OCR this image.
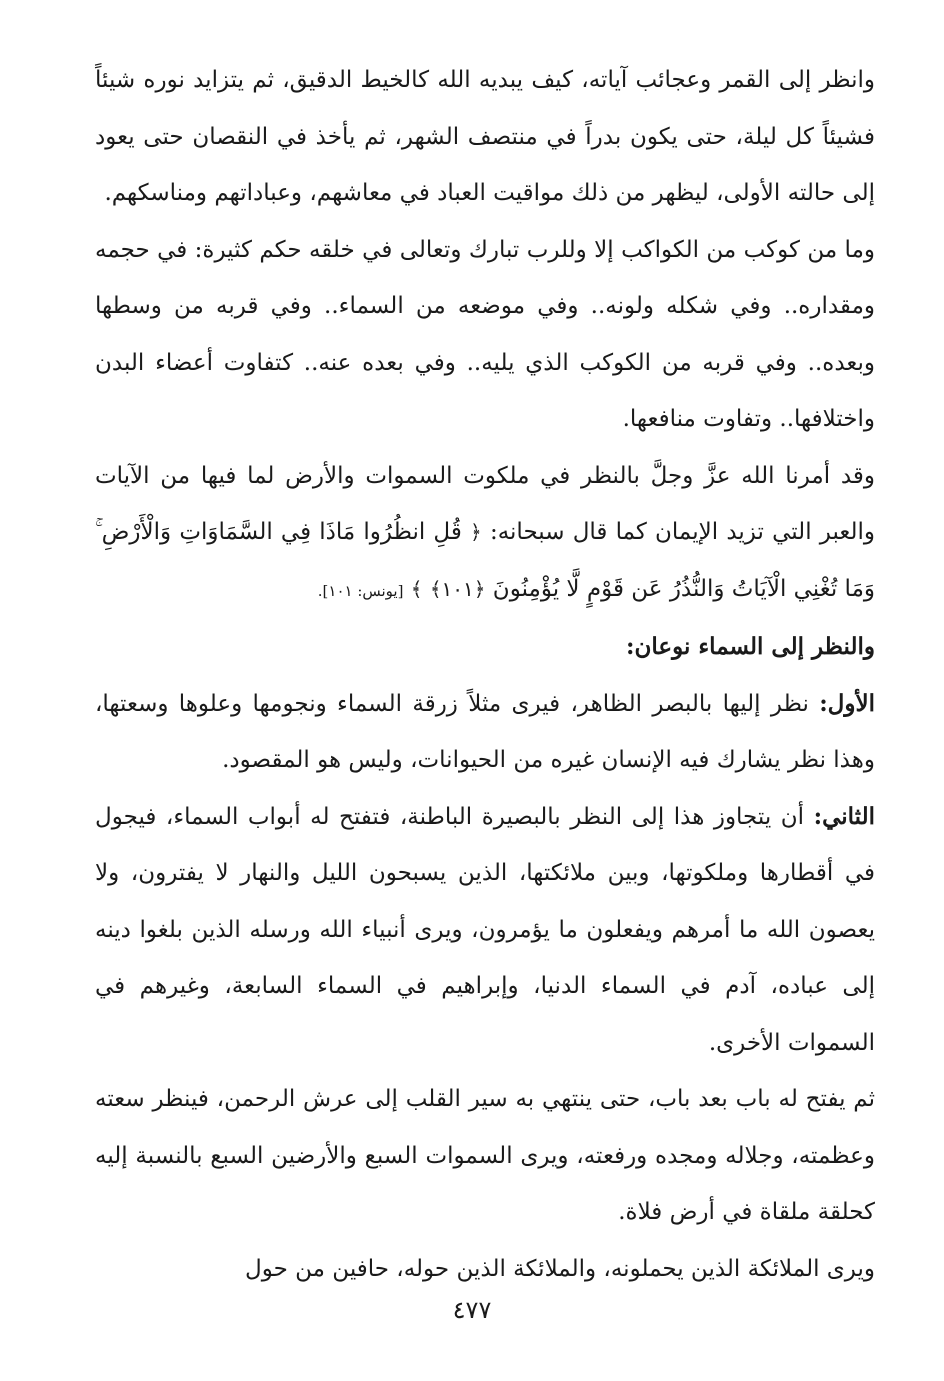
وانظر إلى القمر وعجائب آياته، كيف يبديه الله كالخيط الدقيق، ثم يتزايد نوره شيئاً فشيئاً كل ليلة، حتى يكون بدراً في منتصف الشهر، ثم يأخذ في النقصان حتى يعود إلى حالته الأولى، ليظهر من ذلك مواقيت العباد في معاشهم، وعباداتهم ومناسكهم.

وما من كوكب من الكواكب إلا وللرب تبارك وتعالى في خلقه حكم كثيرة: في حجمه ومقداره.. وفي شكله ولونه.. وفي موضعه من السماء.. وفي قربه من وسطها وبعده.. وفي قربه من الكوكب الذي يليه.. وفي بعده عنه.. كتفاوت أعضاء البدن واختلافها.. وتفاوت منافعها.

وقد أمرنا الله عزَّ وجلَّ بالنظر في ملكوت السموات والأرض لما فيها من الآيات والعبر التي تزيد الإيمان كما قال سبحانه: ﴿ قُلِ انظُرُوا مَاذَا فِي السَّمَاوَاتِ وَالْأَرْضِ ۚ وَمَا تُغْنِي الْآيَاتُ وَالنُّذُرُ عَن قَوْمٍ لَّا يُؤْمِنُونَ ﴿١٠١﴾ ﴾ [يونس: ١٠١].

والنظر إلى السماء نوعان:

الأول: نظر إليها بالبصر الظاهر، فيرى مثلاً زرقة السماء ونجومها وعلوها وسعتها، وهذا نظر يشارك فيه الإنسان غيره من الحيوانات، وليس هو المقصود.

الثاني: أن يتجاوز هذا إلى النظر بالبصيرة الباطنة، فتفتح له أبواب السماء، فيجول في أقطارها وملكوتها، وبين ملائكتها، الذين يسبحون الليل والنهار لا يفترون، ولا يعصون الله ما أمرهم ويفعلون ما يؤمرون، ويرى أنبياء الله ورسله الذين بلغوا دينه إلى عباده، آدم في السماء الدنيا، وإبراهيم في السماء السابعة، وغيرهم في السموات الأخرى.

ثم يفتح له باب بعد باب، حتى ينتهي به سير القلب إلى عرش الرحمن، فينظر سعته وعظمته، وجلاله ومجده ورفعته، ويرى السموات السبع والأرضين السبع بالنسبة إليه كحلقة ملقاة في أرض فلاة.

ويرى الملائكة الذين يحملونه، والملائكة الذين حوله، حافين من حول

٤٧٧
